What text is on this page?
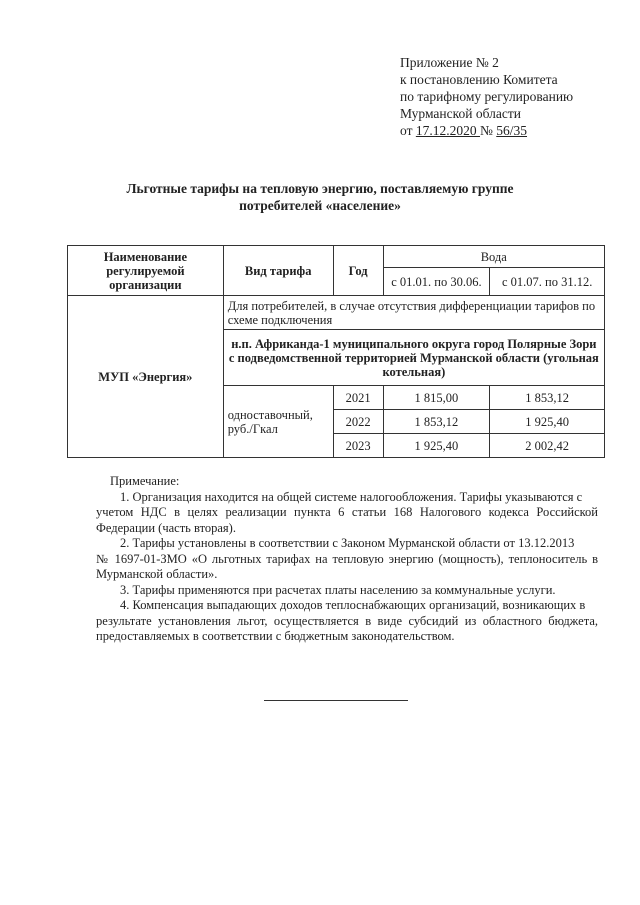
Приложение № 2
к постановлению Комитета
по тарифному регулированию
Мурманской области
от 17.12.2020 № 56/35
Льготные тарифы на тепловую энергию, поставляемую группе потребителей «население»
Наименование регулируемой организации	Вид тарифа	Год	Вода	
			с 01.01. по 30.06.	с 01.07. по 31.12.
МУП «Энергия»	Для потребителей, в случае отсутствия дифференциации тарифов по схеме подключения			
	н.п. Африканда-1 муниципального округа город Полярные Зори с подведомственной территорией Мурманской области (угольная котельная)			
	одноставочный, руб./Гкал	2021	1 815,00	1 853,12
		2022	1 853,12	1 925,40
		2023	1 925,40	2 002,42

Примечание:

1. Организация находится на общей системе налогообложения. Тарифы указываются с

учетом НДС в целях реализации пункта 6 статьи 168 Налогового кодекса Российской Федерации (часть вторая).

2. Тарифы установлены в соответствии с Законом Мурманской области от 13.12.2013

№ 1697-01-ЗМО «О льготных тарифах на тепловую энергию (мощность), теплоноситель в Мурманской области».

3. Тарифы применяются при расчетах платы населению за коммунальные услуги.

4. Компенсация выпадающих доходов теплоснабжающих организаций, возникающих в

результате установления льгот, осуществляется в виде субсидий из областного бюджета, предоставляемых в соответствии с бюджетным законодательством.
